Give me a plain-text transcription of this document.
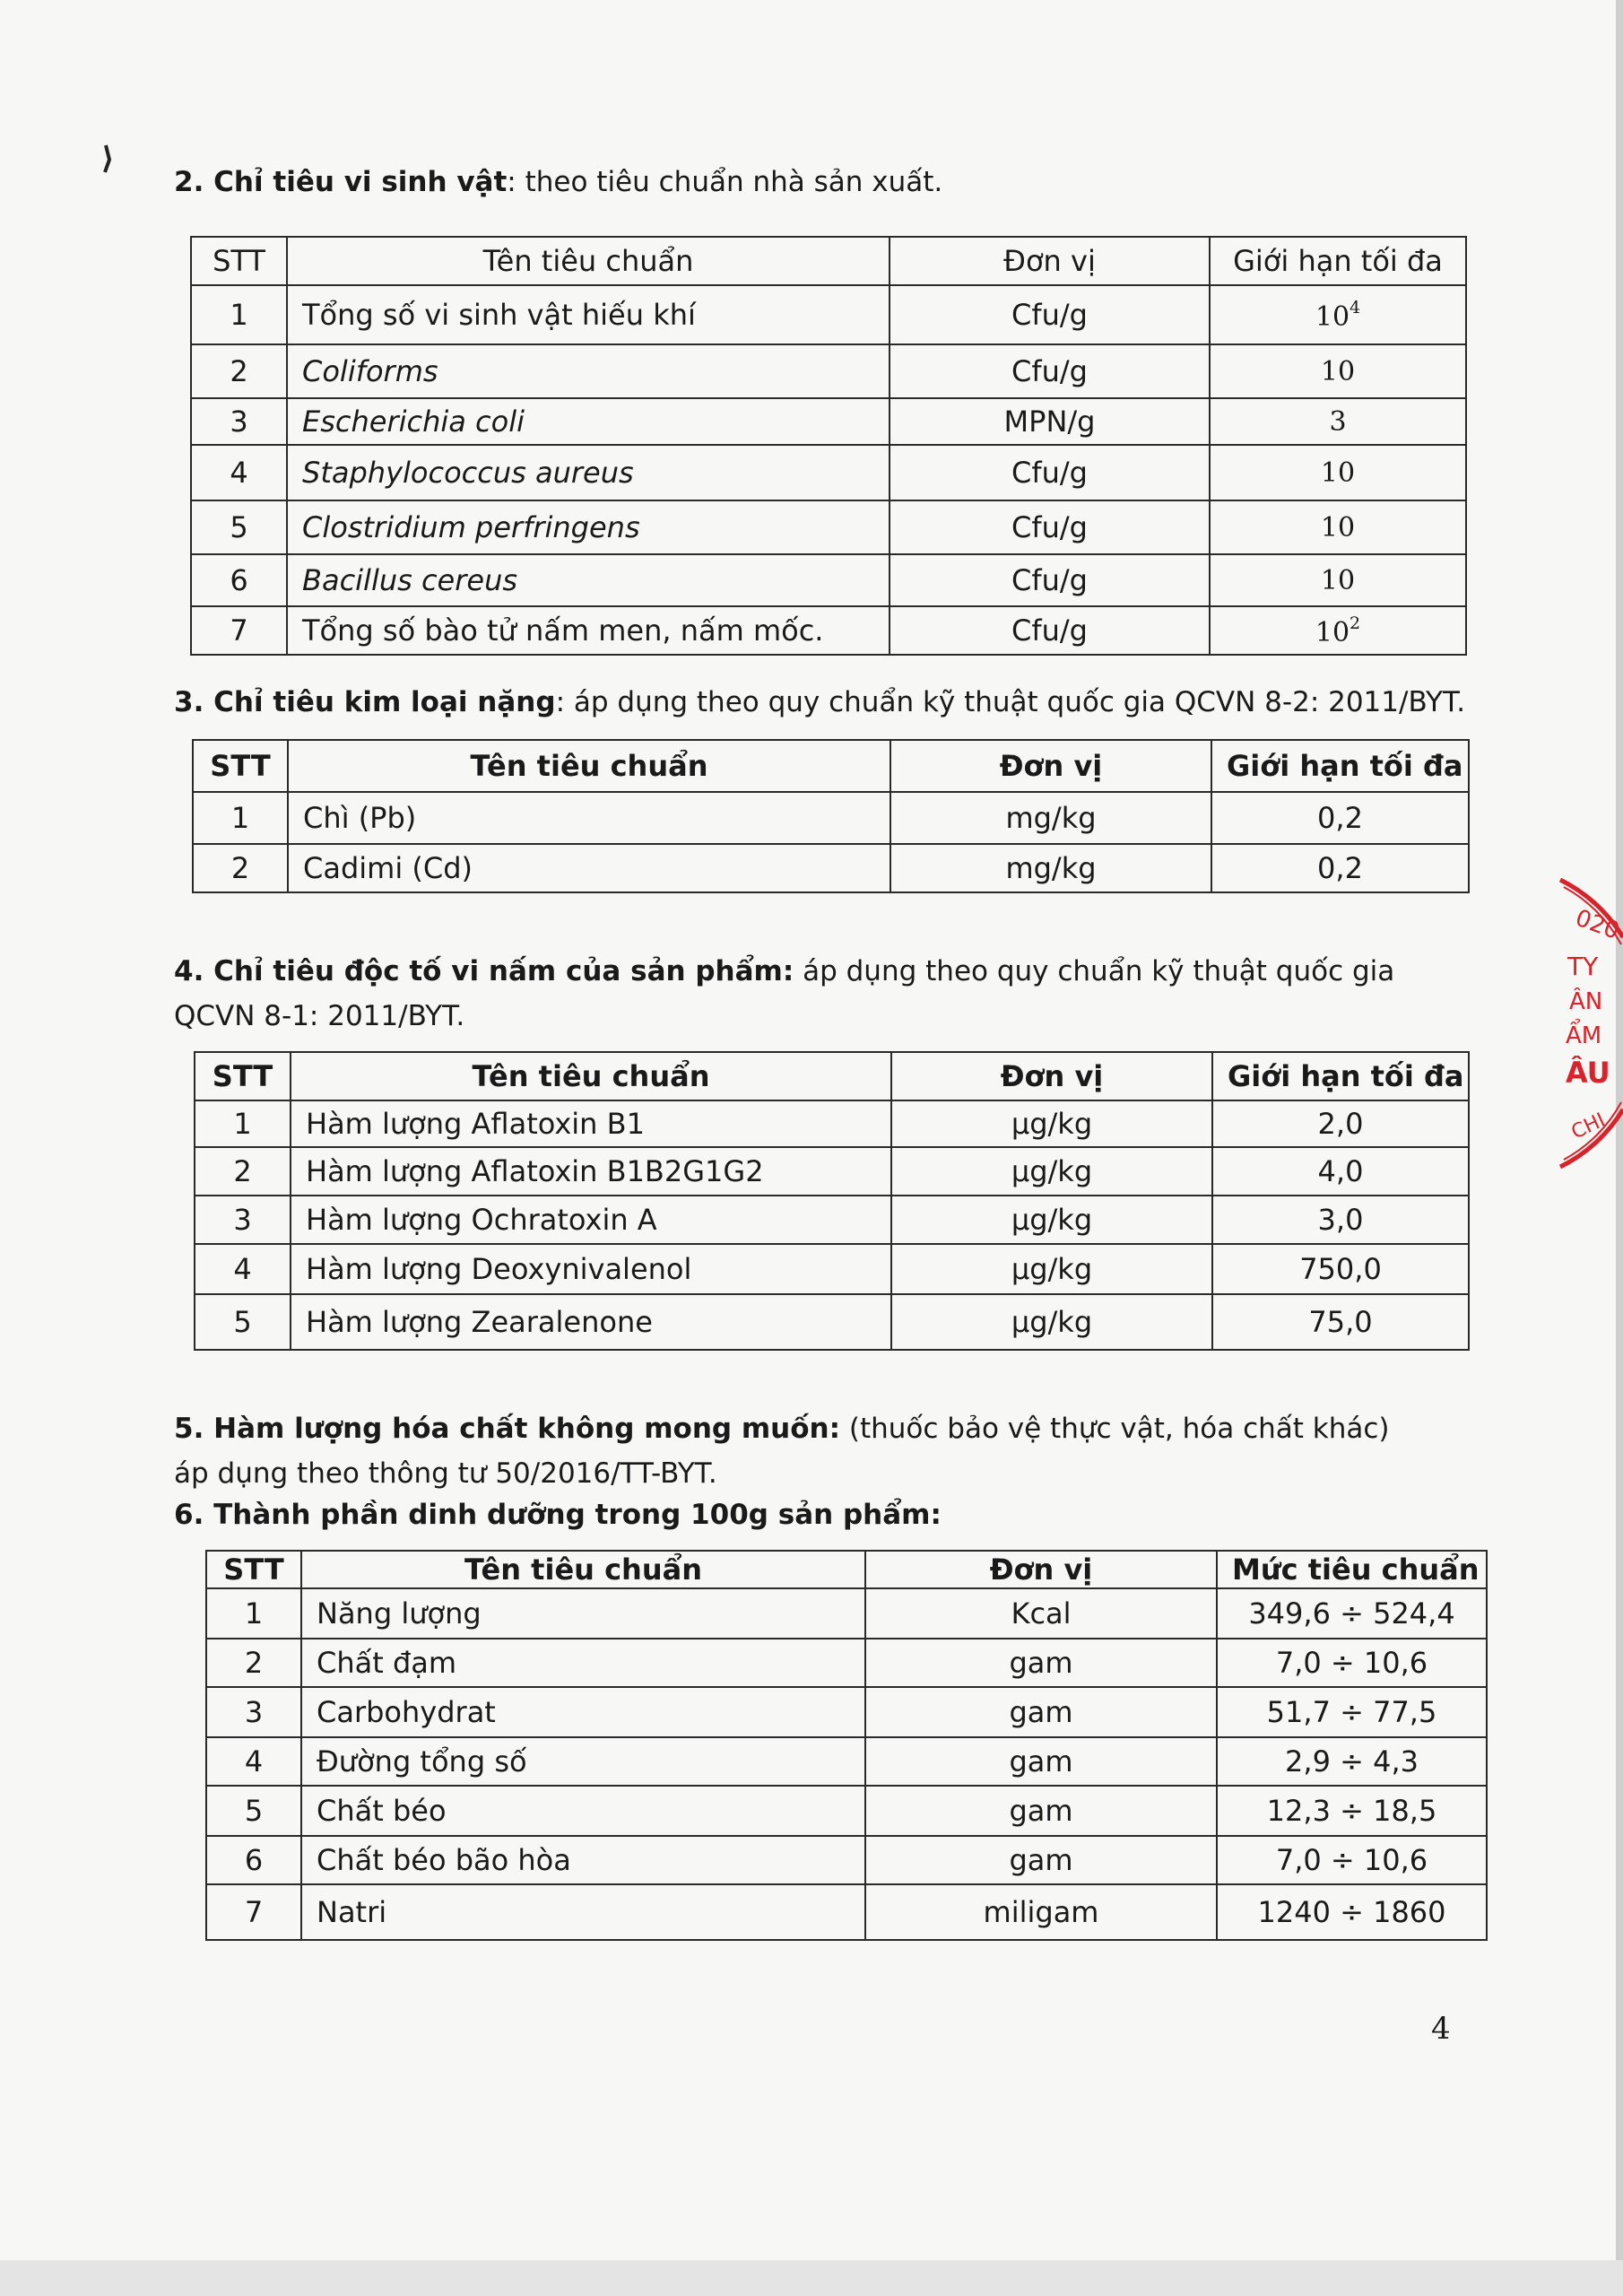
2. Chỉ tiêu vi sinh vật: theo tiêu chuẩn nhà sản xuất.
STT	Tên tiêu chuẩn	Đơn vị	Giới hạn tối đa
1	Tổng số vi sinh vật hiếu khí	Cfu/g	$10^4$
2	Coliforms	Cfu/g	10
3	Escherichia coli	MPN/g	3
4	Staphylococcus aureus	Cfu/g	10
5	Clostridium perfringens	Cfu/g	10
6	Bacillus cereus	Cfu/g	10
7	Tổng số bào tử nấm men, nấm mốc.	Cfu/g	$10^2$
3. Chỉ tiêu kim loại nặng: áp dụng theo quy chuẩn kỹ thuật quốc gia QCVN 8-2: 2011/BYT.
STT	Tên tiêu chuẩn	Đơn vị	Giới hạn tối đa
1	Chì (Pb)	mg/kg	0,2
2	Cadimi (Cd)	mg/kg	0,2
4. Chỉ tiêu độc tố vi nấm của sản phẩm: áp dụng theo quy chuẩn kỹ thuật quốc gia
QCVN 8-1: 2011/BYT.
STT	Tên tiêu chuẩn	Đơn vị	Giới hạn tối đa
1	Hàm lượng Aflatoxin B1	µg/kg	2,0
2	Hàm lượng Aflatoxin B1B2G1G2	µg/kg	4,0
3	Hàm lượng Ochratoxin A	µg/kg	3,0
4	Hàm lượng Deoxynivalenol	µg/kg	750,0
5	Hàm lượng Zearalenone	µg/kg	75,0
5. Hàm lượng hóa chất không mong muốn: (thuốc bảo vệ thực vật, hóa chất khác)
áp dụng theo thông tư 50/2016/TT-BYT.
6. Thành phần dinh dưỡng trong 100g sản phẩm:
STT	Tên tiêu chuẩn	Đơn vị	Mức tiêu chuẩn
1	Năng lượng	Kcal	349,6 ÷ 524,4
2	Chất đạm	gam	7,0 ÷ 10,6
3	Carbohydrat	gam	51,7 ÷ 77,5
4	Đường tổng số	gam	2,9 ÷ 4,3
5	Chất béo	gam	12,3 ÷ 18,5
6	Chất béo bão hòa	gam	7,0 ÷ 10,6
7	Natri	miligam	1240 ÷ 1860
4
020
TY
ÂN
ẨM
ÂU
CHI
